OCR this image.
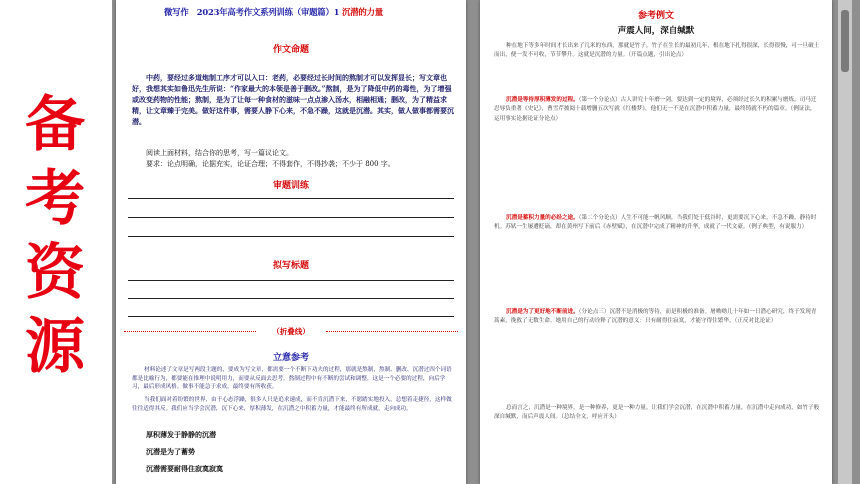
备
考
资
源
微写作　2023年高考作文系列训练（审题篇）1 沉潜的力量
作文命题
中药，要经过多道炮制工序才可以入口：老药，必要经过长时间的熬制才可以发挥显长；写文章也好，我想其实如鲁迅先生所说：“作家最大的本领是善于删改。”熬制，是为了降低中药的毒性，为了增强或改变药物的性能；熬制，是为了让每一种食材的滋味一点点渗入汤水，相融相通；删改，为了精益求精，让文章臻于完美。做好这件事，需要人静下心来，不急不躁，这就是沉潜。其实，做人做事都需要沉潜。
阅读上面材料，结合你的思考，写一篇议论文。
要求：论点明确，论据充实，论证合理；不得套作，不得抄袭；不少于 800 字。
审题训练
拟写标题
（折叠线）
立意参考
材料论述了文章是写两段主题的，要成为写文章，都需要一个不断下功夫的过程，那就是熬制，熬制、删改、沉潜过四个词语都是比喻行为，都要能在推理中说明用力，而要从反面去思考。熬制过程中有不断的尝试和调整，这是一个必要的过程，向后学习，最后形成风格。做事不能急于求成，最终要有所收获。
当我们面对着纷繁的世界，由于心态浮躁，很多人只是追求速成，而不肯沉潜下来，不愿踏实地投入，总想着走捷径，这样做往往适得其反。我们应当学会沉潜，沉下心来，厚积薄发，在沉潜之中积蓄力量，才能最终有所成就，走向成功。
厚积薄发于静静的沉潜
沉潜是为了蓄势
沉潜需要耐得住寂寞寂寞
参考例文
声震人间，深自缄默
种在地下等多年时间才长出来了几米的东西，那就是竹子。竹子在生长的最初几年，根在地下扎得很深，长得很慢，可一旦破土而出，便一发不可收，节节攀升。这就是沉潜的力量。（开篇点题，引出论点）
沉潜是等待厚积薄发的过程。（第一个分论点）古人讲究十年磨一剑，要达到一定的境界，必须经过长久的积累与磨炼。司马迁忍辱负重著《史记》，曹雪芹披阅十载增删五次写就《红楼梦》，他们无一不是在沉潜中积蓄力量，最终铸就不朽的篇章。（例证法，运用事实论据论证分论点）
沉潜是蓄积力量的必经之途。（第二个分论点）人生不可能一帆风顺，当我们处于低谷时，更需要沉下心来，不急不躁，静待时机。苏轼一生屡遭贬谪，却在黄州写下前后《赤壁赋》，在沉潜中完成了精神的升华，成就了一代文豪。（例子典型，有说服力）
沉潜是为了更好地不断前进。（分论点三）沉潜不是消极的等待，而是积极的准备。屠呦呦几十年如一日潜心研究，终于发现青蒿素，挽救了无数生命。她用自己的行动诠释了沉潜的意义：只有耐得住寂寞，才能守得住繁华。（正反对比论证）
总而言之，沉潜是一种境界，是一种修养，更是一种力量。让我们学会沉潜，在沉潜中积蓄力量，在沉潜中走向成功，如竹子般深自缄默，而后声震人间。（总结全文，呼应开头）
